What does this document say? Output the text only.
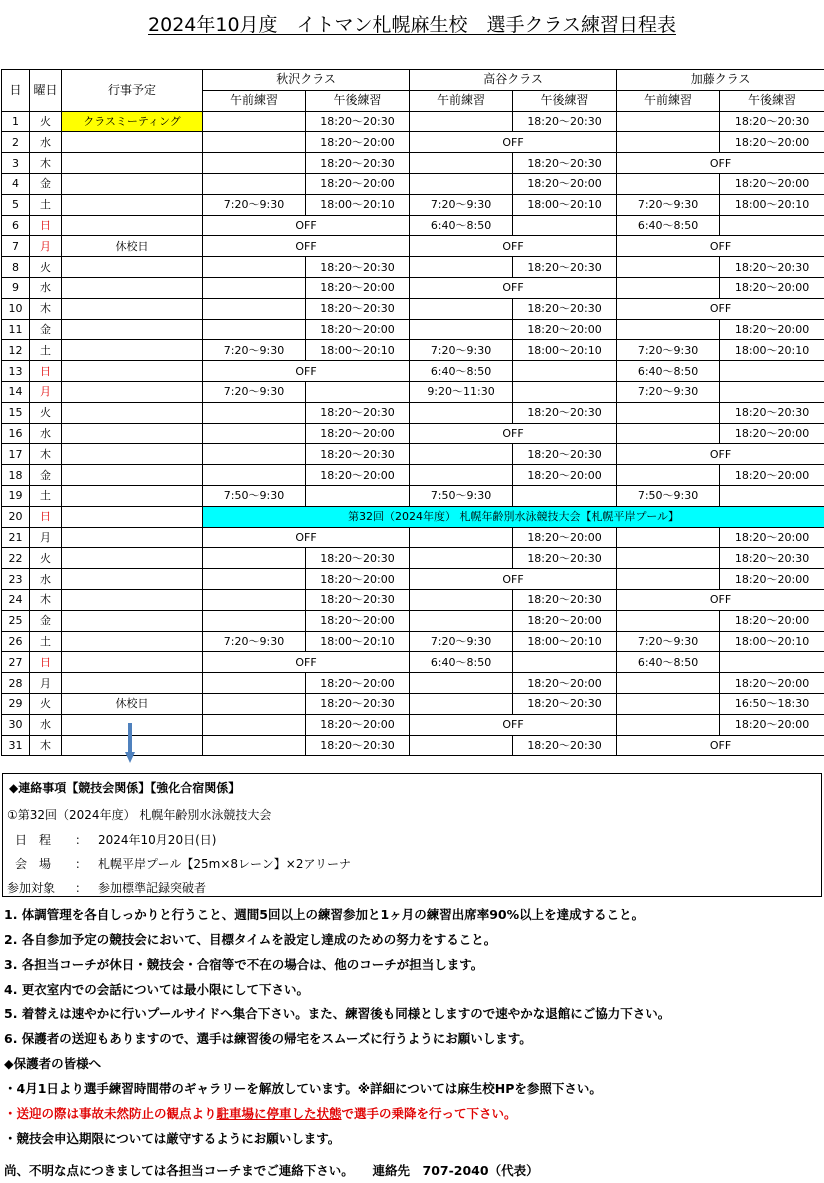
2024年10月度　イトマン札幌麻生校　選手クラス練習日程表
日	曜日	行事予定	秋沢クラス		高谷クラス		加藤クラス	
			午前練習	午後練習	午前練習	午後練習	午前練習	午後練習
1	火	クラスミーティング		18:20～20:30		18:20～20:30		18:20～20:30
2	水			18:20～20:00	OFF			18:20～20:00
3	木			18:20～20:30		18:20～20:30	OFF	
4	金			18:20～20:00		18:20～20:00		18:20～20:00
5	土		7:20～9:30	18:00～20:10	7:20～9:30	18:00～20:10	7:20～9:30	18:00～20:10
6	日		OFF		6:40～8:50		6:40～8:50	
7	月	休校日	OFF		OFF		OFF	
8	火			18:20～20:30		18:20～20:30		18:20～20:30
9	水			18:20～20:00	OFF			18:20～20:00
10	木			18:20～20:30		18:20～20:30	OFF	
11	金			18:20～20:00		18:20～20:00		18:20～20:00
12	土		7:20～9:30	18:00～20:10	7:20～9:30	18:00～20:10	7:20～9:30	18:00～20:10
13	日		OFF		6:40～8:50		6:40～8:50	
14	月		7:20～9:30		9:20～11:30		7:20～9:30	
15	火			18:20～20:30		18:20～20:30		18:20～20:30
16	水			18:20～20:00	OFF			18:20～20:00
17	木			18:20～20:30		18:20～20:30	OFF	
18	金			18:20～20:00		18:20～20:00		18:20～20:00
19	土		7:50～9:30		7:50～9:30		7:50～9:30	
20	日		第32回（2024年度） 札幌年齢別水泳競技大会【札幌平岸プール】					
21	月		OFF			18:20～20:00		18:20～20:00
22	火			18:20～20:30		18:20～20:30		18:20～20:30
23	水			18:20～20:00	OFF			18:20～20:00
24	木			18:20～20:30		18:20～20:30	OFF	
25	金			18:20～20:00		18:20～20:00		18:20～20:00
26	土		7:20～9:30	18:00～20:10	7:20～9:30	18:00～20:10	7:20～9:30	18:00～20:10
27	日		OFF		6:40～8:50		6:40～8:50	
28	月			18:20～20:00		18:20～20:00		18:20～20:00
29	火	休校日		18:20～20:30		18:20～20:30		16:50～18:30
30	水			18:20～20:00	OFF			18:20～20:00
31	木			18:20～20:30		18:20～20:30	OFF	
◆連絡事項【競技会関係】【強化合宿関係】
①第32回（2024年度） 札幌年齢別水泳競技大会
日　程 ： 2024年10月20日(日)
会　場 ： 札幌平岸プール【25m×8レーン】×2アリーナ
参加対象 ： 参加標準記録突破者
1. 体調管理を各自しっかりと行うこと、週間5回以上の練習参加と1ヶ月の練習出席率90%以上を達成すること。
2. 各自参加予定の競技会において、目標タイムを設定し達成のための努力をすること。
3. 各担当コーチが休日・競技会・合宿等で不在の場合は、他のコーチが担当します。
4. 更衣室内での会話については最小限にして下さい。
5. 着替えは速やかに行いプールサイドへ集合下さい。また、練習後も同様としますので速やかな退館にご協力下さい。
6. 保護者の送迎もありますので、選手は練習後の帰宅をスムーズに行うようにお願いします。
◆保護者の皆様へ
・4月1日より選手練習時間帯のギャラリーを解放しています。※詳細については麻生校HPを参照下さい。
・送迎の際は事故未然防止の観点より駐車場に停車した状態で選手の乗降を行って下さい。
・競技会申込期限については厳守するようにお願いします。
尚、不明な点につきましては各担当コーチまでご連絡下さい。　　連絡先　707-2040（代表）
